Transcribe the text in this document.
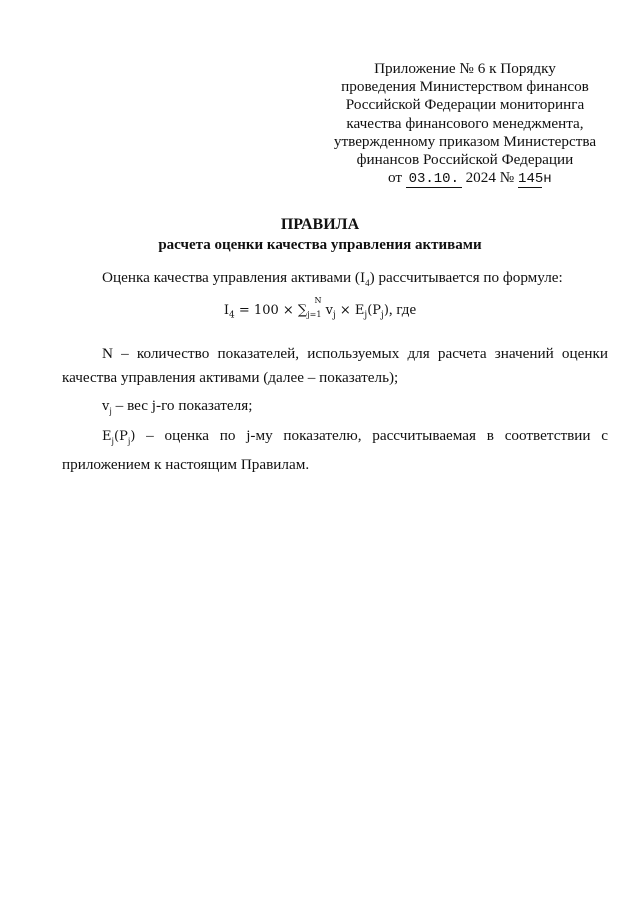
Приложение № 6 к Порядку
проведения Министерством финансов
Российской Федерации мониторинга
качества финансового менеджмента,
утвержденному приказом Министерства
финансов Российской Федерации
от 03.10. 2024 № 145н
ПРАВИЛА
расчета оценки качества управления активами
Оценка качества управления активами $(I_4)$ рассчитывается по формуле:
$I_4 = 100 \times \sum_{j=1}$
N
$v_j \times E_j(P_j)$, где
N – количество показателей, используемых для расчета значений оценки качества управления активами (далее – показатель);
$v_j$ – вес j-го показателя;
$E_j(P_j)$ – оценка по j-му показателю, рассчитываемая в соответствии с приложением к настоящим Правилам.
